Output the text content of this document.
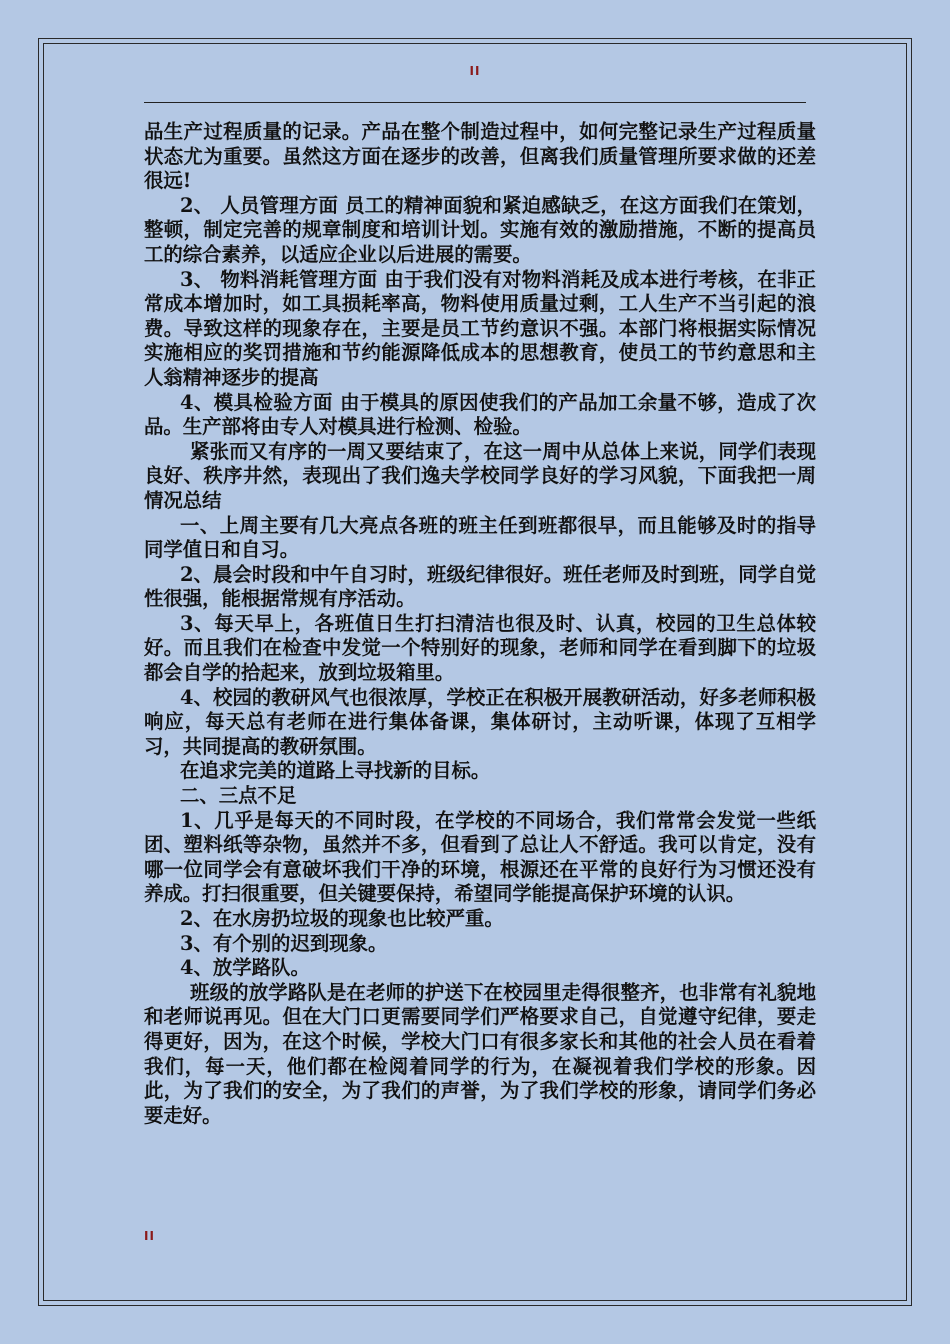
II

品生产过程质量的记录。产品在整个制造过程中，如何完整记录生产过程质量状态尤为重要。虽然这方面在逐步的改善，但离我们质量管理所要求做的还差很远!

2、 人员管理方面 员工的精神面貌和紧迫感缺乏，在这方面我们在策划，整顿，制定完善的规章制度和培训计划。实施有效的激励措施，不断的提高员工的综合素养，以适应企业以后进展的需要。

3、 物料消耗管理方面 由于我们没有对物料消耗及成本进行考核，在非正常成本增加时，如工具损耗率高，物料使用质量过剩，工人生产不当引起的浪费。导致这样的现象存在，主要是员工节约意识不强。本部门将根据实际情况实施相应的奖罚措施和节约能源降低成本的思想教育，使员工的节约意思和主人翁精神逐步的提高

4、模具检验方面 由于模具的原因使我们的产品加工余量不够，造成了次品。生产部将由专人对模具进行检测、检验。

紧张而又有序的一周又要结束了，在这一周中从总体上来说，同学们表现良好、秩序井然，表现出了我们逸夫学校同学良好的学习风貌，下面我把一周情况总结

一、上周主要有几大亮点各班的班主任到班都很早，而且能够及时的指导同学值日和自习。

2、晨会时段和中午自习时，班级纪律很好。班任老师及时到班，同学自觉性很强，能根据常规有序活动。

3、每天早上，各班值日生打扫清洁也很及时、认真，校园的卫生总体较好。而且我们在检查中发觉一个特别好的现象，老师和同学在看到脚下的垃圾都会自学的拾起来，放到垃圾箱里。

4、校园的教研风气也很浓厚，学校正在积极开展教研活动，好多老师积极响应，每天总有老师在进行集体备课，集体研讨，主动听课，体现了互相学习，共同提高的教研氛围。

在追求完美的道路上寻找新的目标。

二、三点不足

1、几乎是每天的不同时段，在学校的不同场合，我们常常会发觉一些纸团、塑料纸等杂物，虽然并不多，但看到了总让人不舒适。我可以肯定，没有哪一位同学会有意破坏我们干净的环境，根源还在平常的良好行为习惯还没有养成。打扫很重要，但关键要保持，希望同学能提高保护环境的认识。

2、在水房扔垃圾的现象也比较严重。

3、有个别的迟到现象。

4、放学路队。

班级的放学路队是在老师的护送下在校园里走得很整齐，也非常有礼貌地和老师说再见。但在大门口更需要同学们严格要求自己，自觉遵守纪律，要走得更好，因为，在这个时候，学校大门口有很多家长和其他的社会人员在看着我们，每一天，他们都在检阅着同学的行为，在凝视着我们学校的形象。因此，为了我们的安全，为了我们的声誉，为了我们学校的形象，请同学们务必要走好。

II
